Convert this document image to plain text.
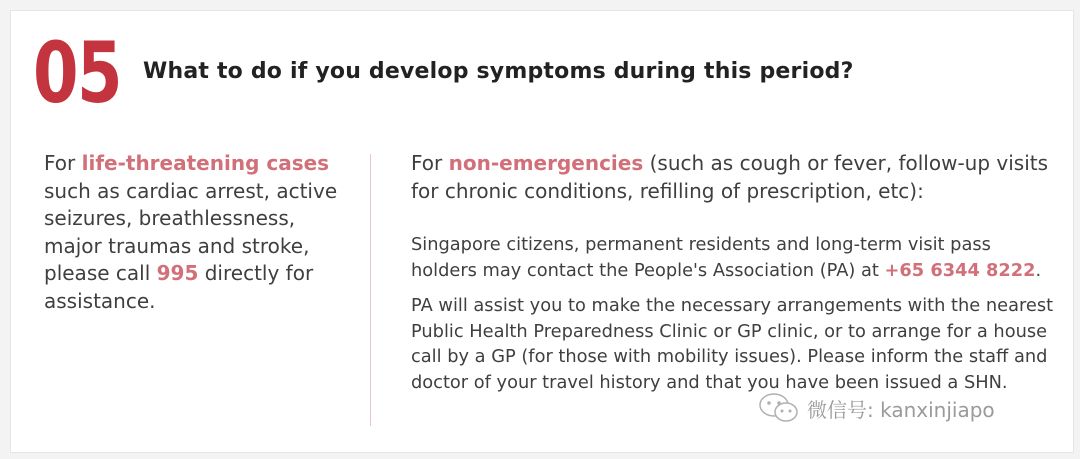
05 What to do if you develop symptoms during this period?
For life-threatening cases such as cardiac arrest, active seizures, breathlessness, major traumas and stroke, please call 995 directly for assistance.

For non-emergencies (such as cough or fever, follow-up visits for chronic conditions, refilling of prescription, etc):

Singapore citizens, permanent residents and long-term visit pass holders may contact the People's Association (PA) at +65 6344 8222.

PA will assist you to make the necessary arrangements with the nearest Public Health Preparedness Clinic or GP clinic, or to arrange for a house call by a GP (for those with mobility issues). Please inform the staff and doctor of your travel history and that you have been issued a SHN.

微信号: kanxinjiapo
